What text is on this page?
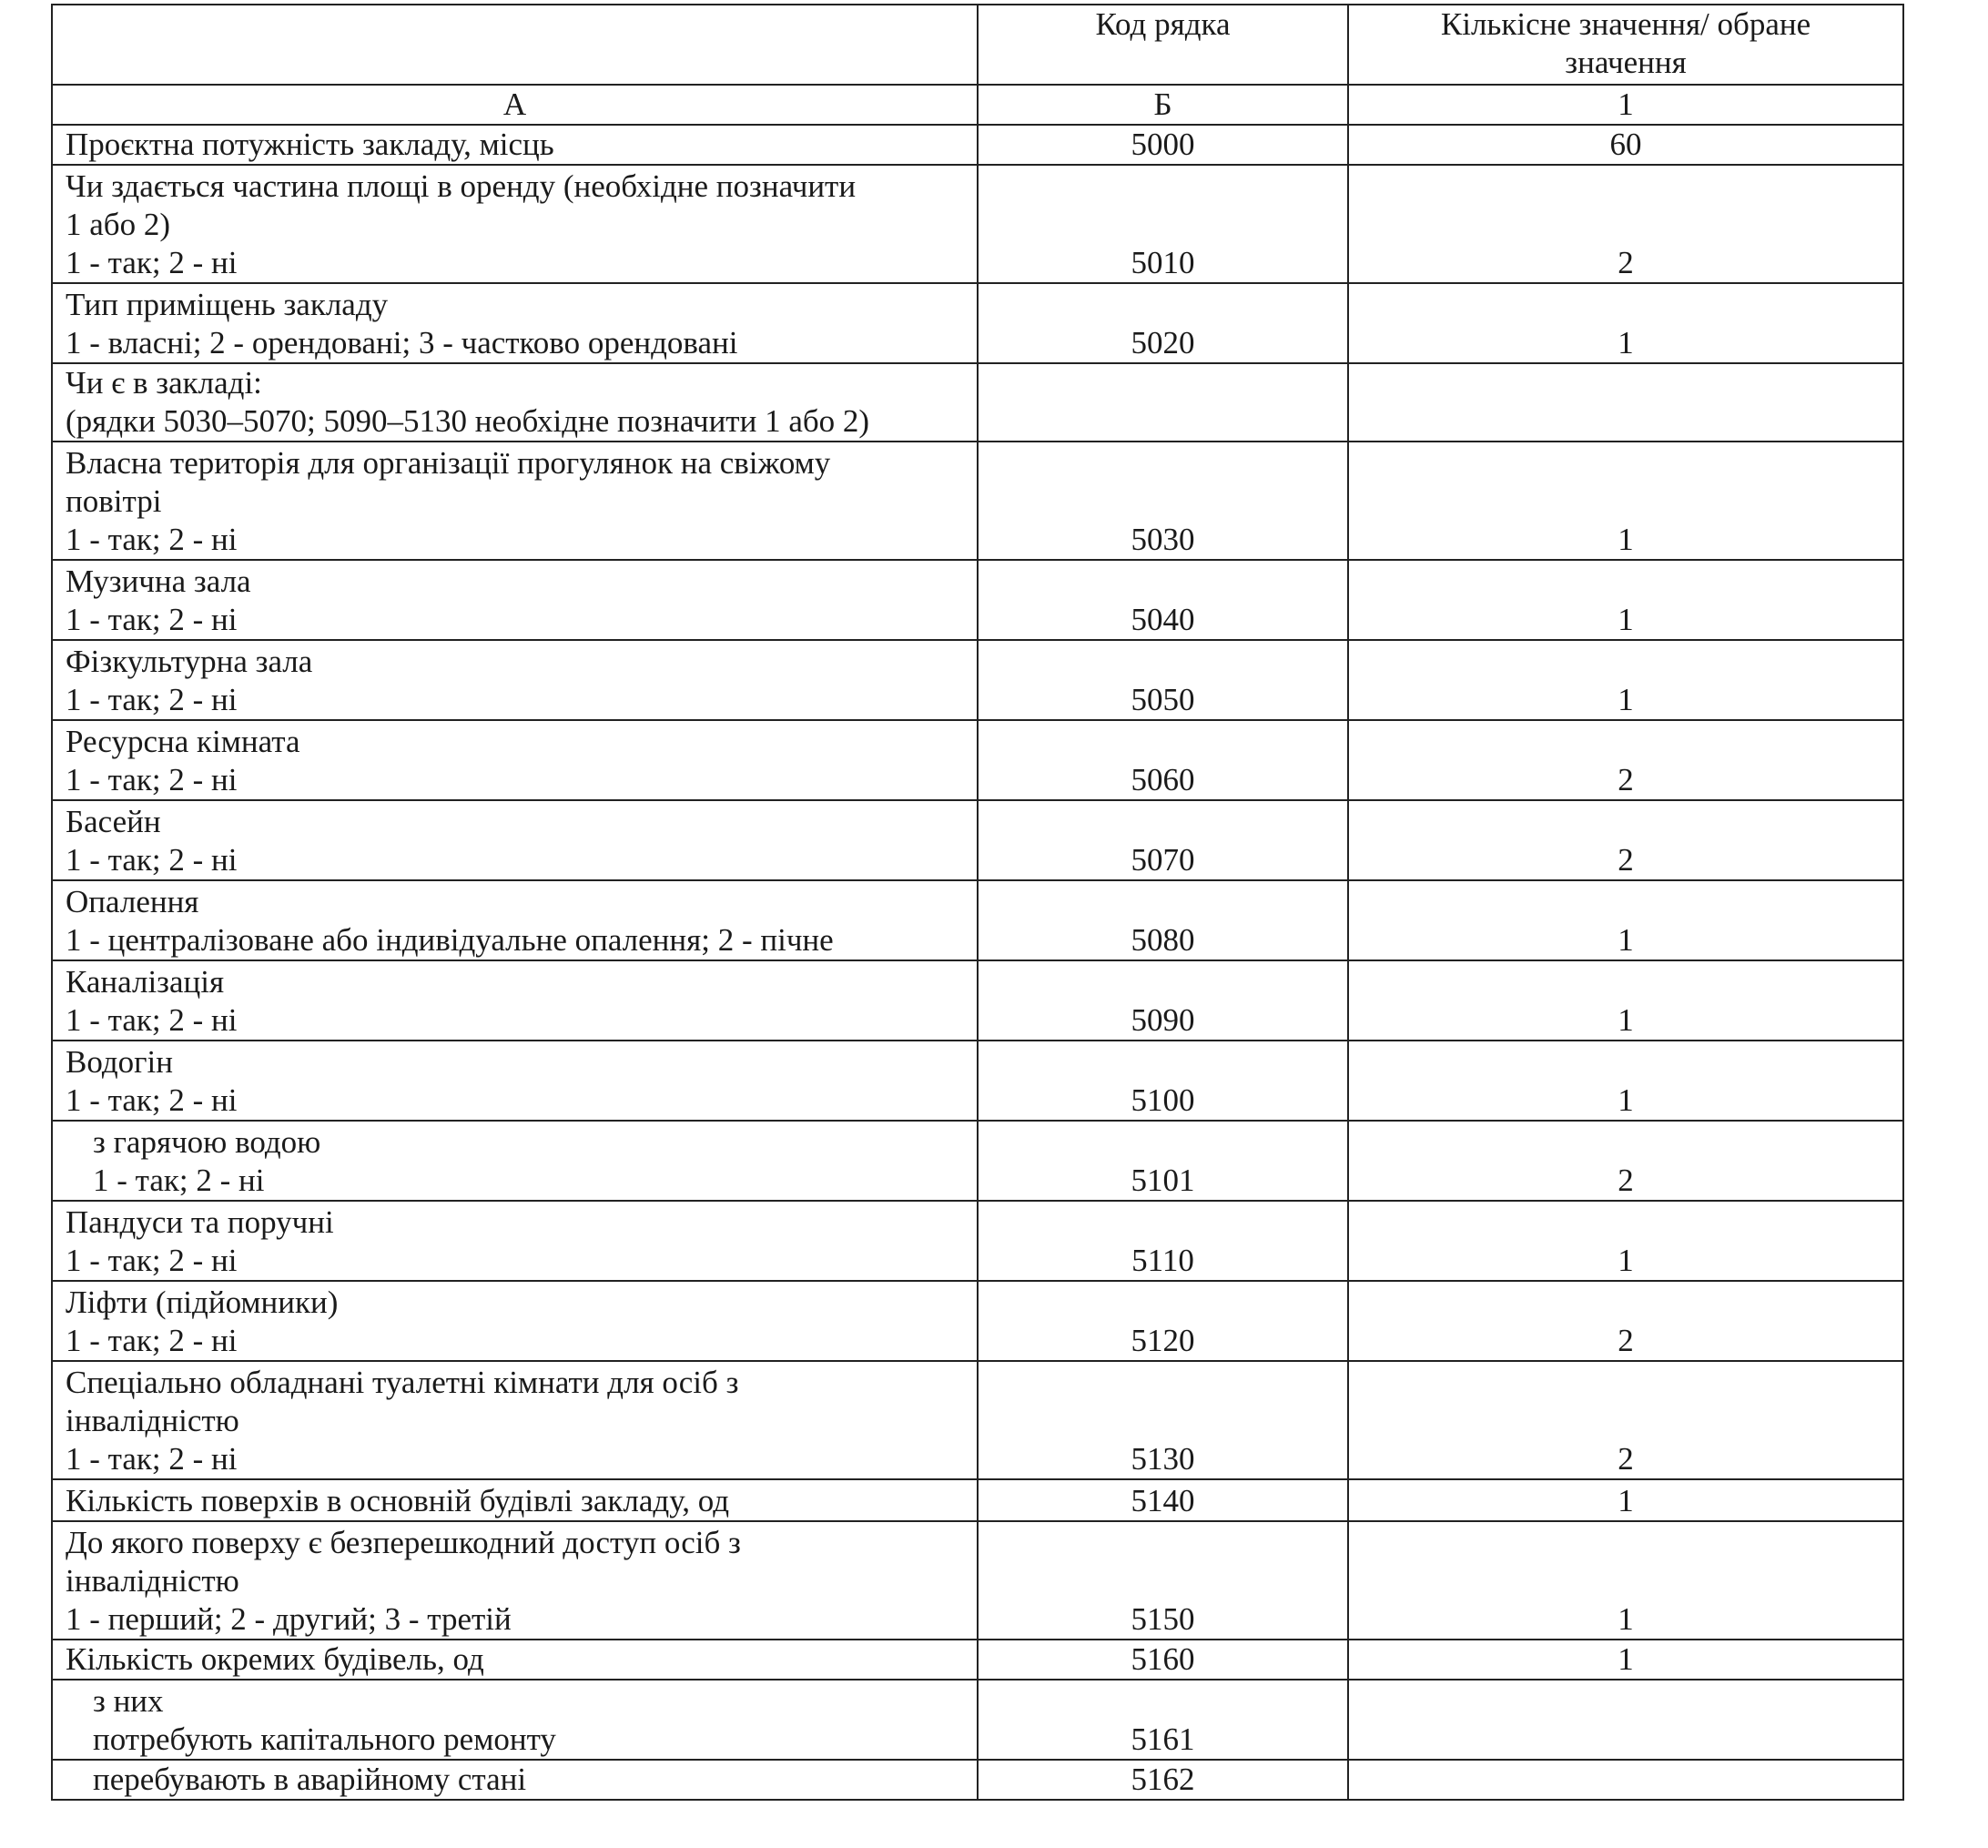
	Код рядка	Кількісне значення/ обране
значення
А	Б	1
Проєктна потужність закладу, місць	5000	60
Чи здається частина площі в оренду (необхідне позначити
1 або 2)
1 - так; 2 - ні	5010	2
Тип приміщень закладу
1 - власні; 2 - орендовані; 3 - частково орендовані	5020	1
Чи є в закладі:
(рядки 5030–5070; 5090–5130 необхідне позначити 1 або 2)		
Власна територія для організації прогулянок на свіжому
повітрі
1 - так; 2 - ні	5030	1
Музична зала
1 - так; 2 - ні	5040	1
Фізкультурна зала
1 - так; 2 - ні	5050	1
Ресурсна кімната
1 - так; 2 - ні	5060	2
Басейн
1 - так; 2 - ні	5070	2
Опалення
1 - централізоване або індивідуальне опалення; 2 - пічне	5080	1
Каналізація
1 - так; 2 - ні	5090	1
Водогін
1 - так; 2 - ні	5100	1
з гарячою водою
1 - так; 2 - ні	5101	2
Пандуси та поручні
1 - так; 2 - ні	5110	1
Ліфти (підйомники)
1 - так; 2 - ні	5120	2
Спеціально обладнані туалетні кімнати для осіб з
інвалідністю
1 - так; 2 - ні	5130	2
Кількість поверхів в основній будівлі закладу, од	5140	1
До якого поверху є безперешкодний доступ осіб з
інвалідністю
1 - перший; 2 - другий; 3 - третій	5150	1
Кількість окремих будівель, од	5160	1
з них
потребують капітального ремонту	5161	
перебувають в аварійному стані	5162	
